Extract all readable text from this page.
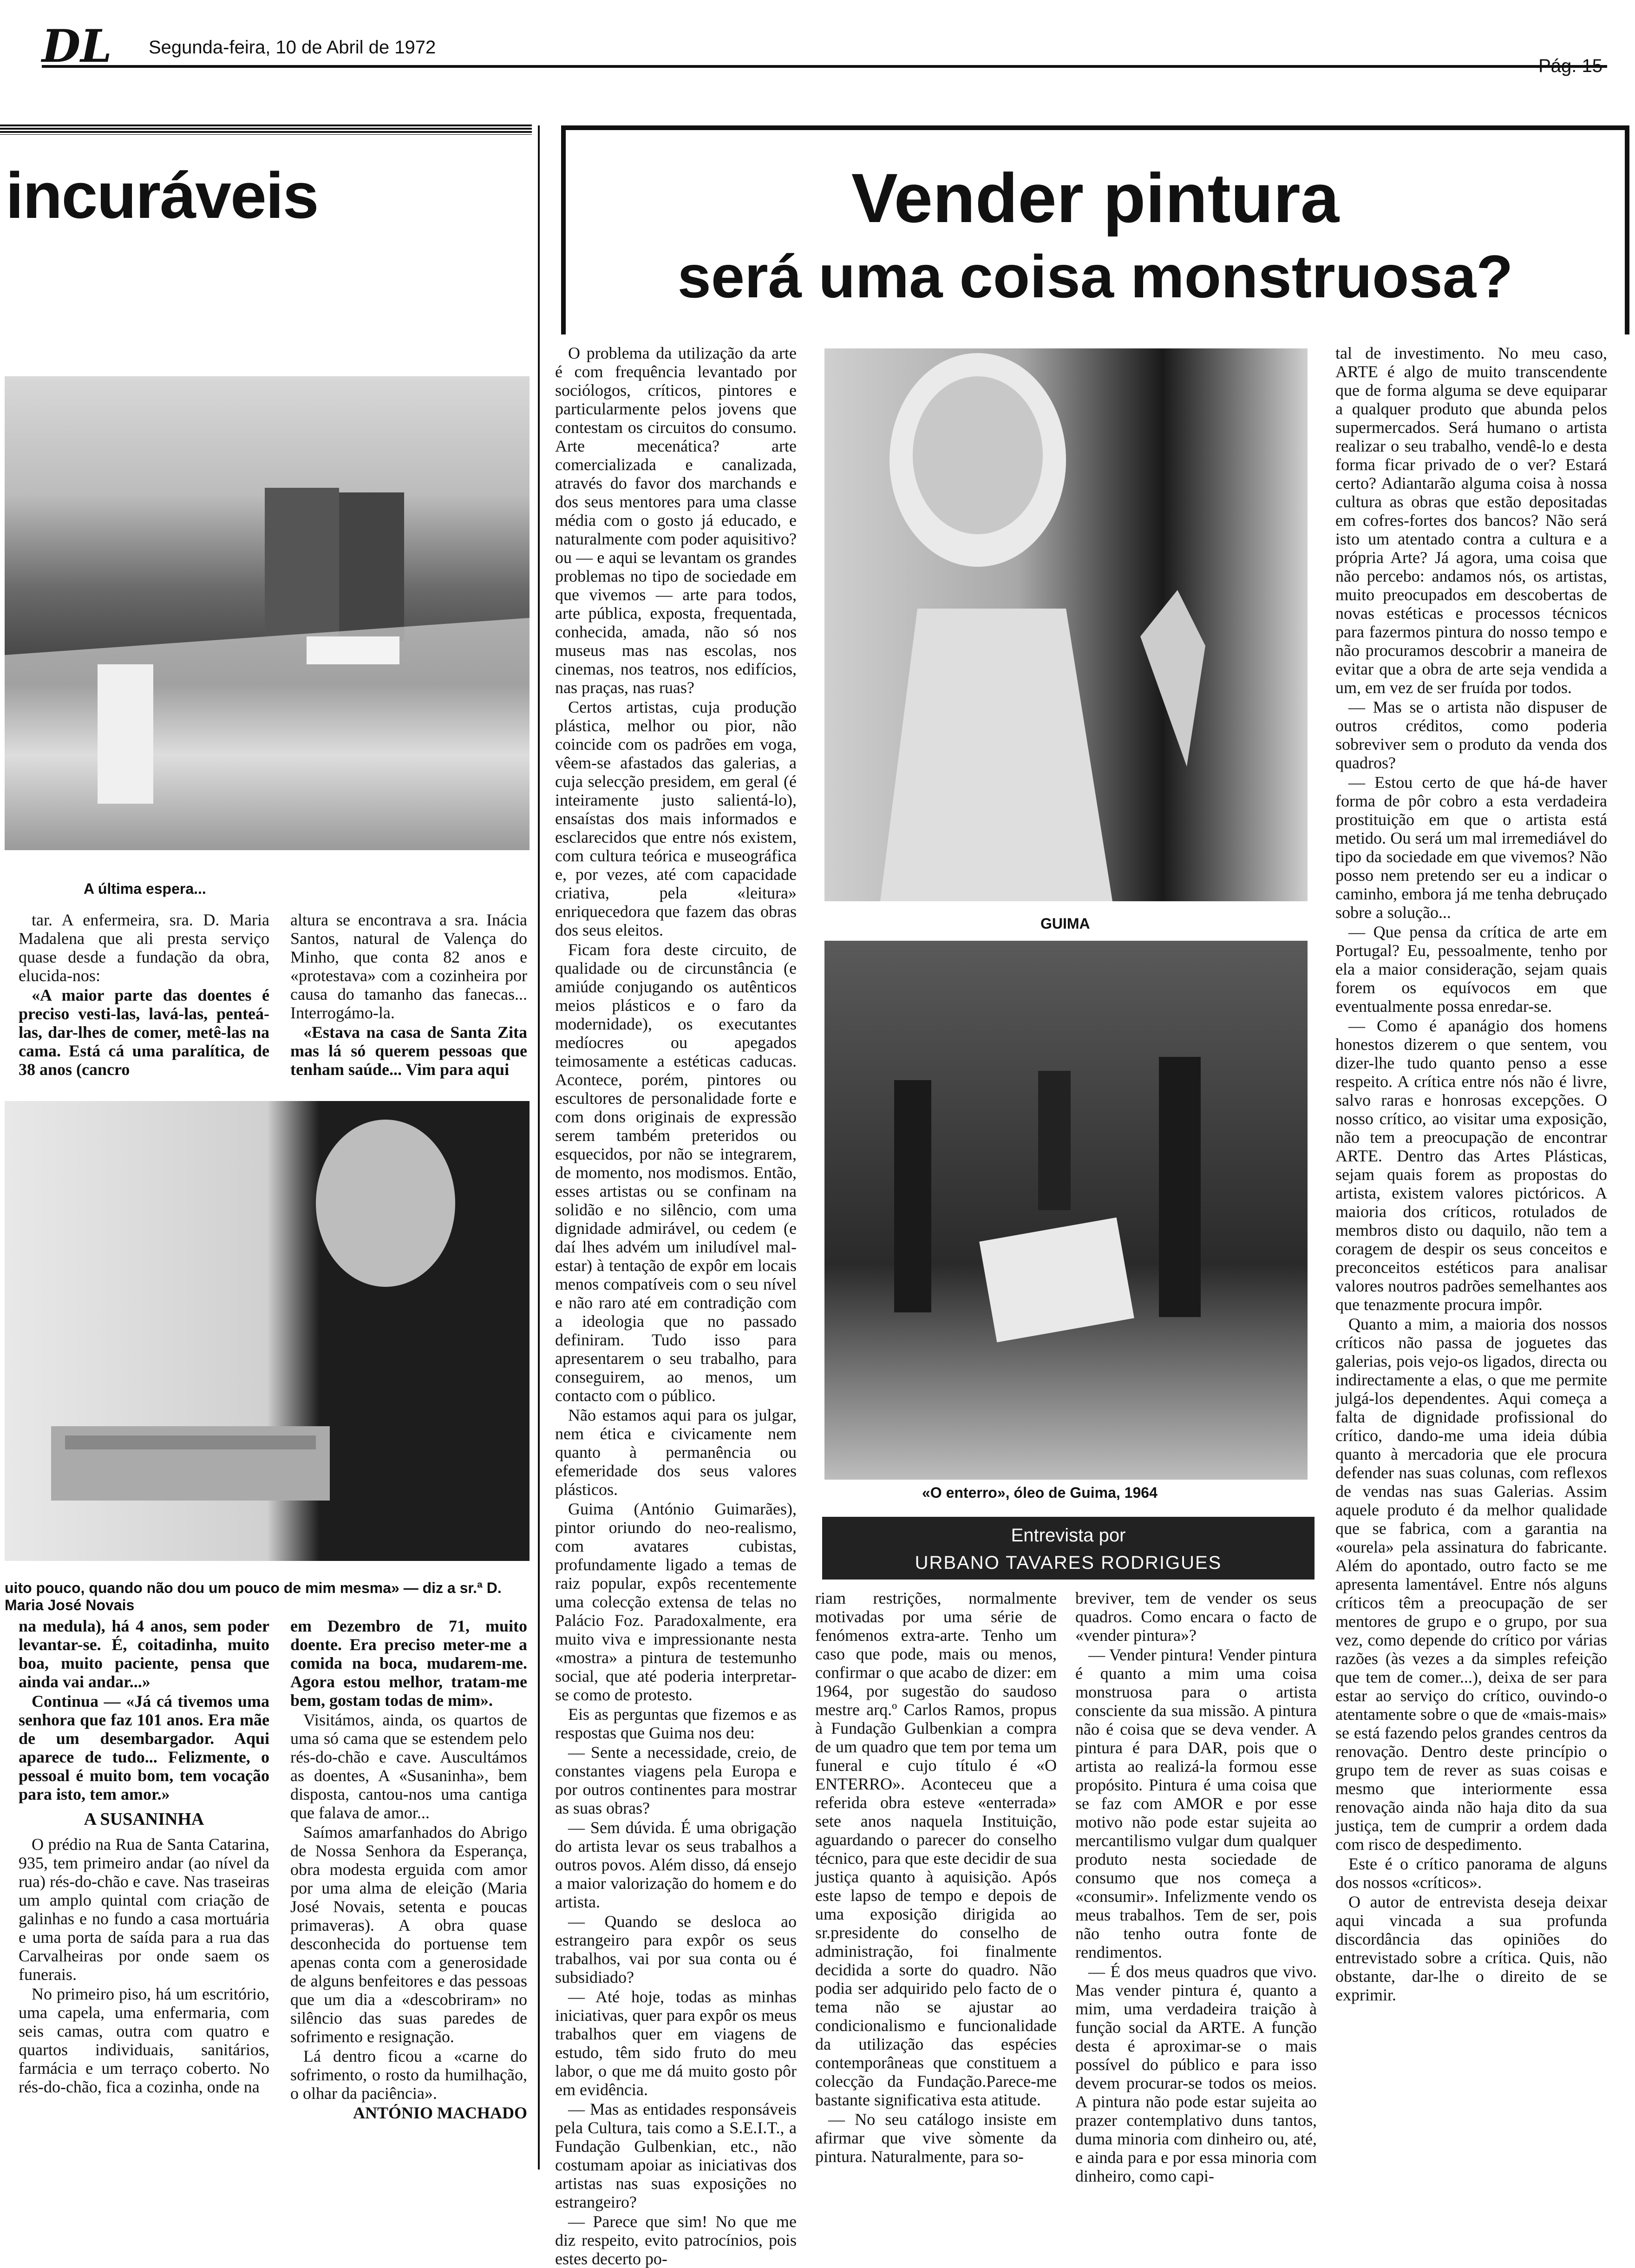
DL Segunda-feira, 10 de Abril de 1972
Pág. 15
incuráveis
A última espera...

tar. A enfermeira, sra. D. Maria Madalena que ali presta serviço quase desde a fundação da obra, elucida-nos:

«A maior parte das doentes é preciso vesti-las, lavá-las, penteá-las, dar-lhes de comer, metê-las na cama. Está cá uma paralítica, de 38 anos (cancro

altura se encontrava a sra. Inácia Santos, natural de Valença do Minho, que conta 82 anos e «protestava» com a cozinheira por causa do tamanho das fanecas... Interrogámo-la.

«Estava na casa de Santa Zita mas lá só querem pessoas que tenham saúde... Vim para aqui

uito pouco, quando não dou um pouco de mim mesma» — diz a sr.ª D. Maria José Novais

na medula), há 4 anos, sem poder levantar-se. É, coitadinha, muito boa, muito paciente, pensa que ainda vai andar...»

Continua — «Já cá tivemos uma senhora que faz 101 anos. Era mãe de um desembargador. Aqui aparece de tudo... Felizmente, o pessoal é muito bom, tem vocação para isto, tem amor.»

A SUSANINHA

O prédio na Rua de Santa Catarina, 935, tem primeiro andar (ao nível da rua) rés-do-chão e cave. Nas traseiras um amplo quintal com criação de galinhas e no fundo a casa mortuária e uma porta de saída para a rua das Carvalheiras por onde saem os funerais.

No primeiro piso, há um escritório, uma capela, uma enfermaria, com seis camas, outra com quatro e quartos individuais, sanitários, farmácia e um terraço coberto. No rés-do-chão, fica a cozinha, onde na

em Dezembro de 71, muito doente. Era preciso meter-me a comida na boca, mudarem-me. Agora estou melhor, tratam-me bem, gostam todas de mim».

Visitámos, ainda, os quartos de uma só cama que se estendem pelo rés-do-chão e cave. Auscultámos as doentes, A «Susaninha», bem disposta, cantou-nos uma cantiga que falava de amor...

Saímos amarfanhados do Abrigo de Nossa Senhora da Esperança, obra modesta erguida com amor por uma alma de eleição (Maria José Novais, setenta e poucas primaveras). A obra quase desconhecida do portuense tem apenas conta com a generosidade de alguns benfeitores e das pessoas que um dia a «descobriram» no silêncio das suas paredes de sofrimento e resignação.

Lá dentro ficou a «carne do sofrimento, o rosto da humilhação, o olhar da paciência».

ANTÓNIO MACHADO
Vender pintura
será uma coisa monstruosa?

O problema da utilização da arte é com frequência levantado por sociólogos, críticos, pintores e particularmente pelos jovens que contestam os circuitos do consumo. Arte mecenática? arte comercializada e canalizada, através do favor dos marchands e dos seus mentores para uma classe média com o gosto já educado, e naturalmente com poder aquisitivo? ou — e aqui se levantam os grandes problemas no tipo de sociedade em que vivemos — arte para todos, arte pública, exposta, frequentada, conhecida, amada, não só nos museus mas nas escolas, nos cinemas, nos teatros, nos edifícios, nas praças, nas ruas?

Certos artistas, cuja produção plástica, melhor ou pior, não coincide com os padrões em voga, vêem-se afastados das galerias, a cuja selecção presidem, em geral (é inteiramente justo salientá-lo), ensaístas dos mais informados e esclarecidos que entre nós existem, com cultura teórica e museográfica e, por vezes, até com capacidade criativa, pela «leitura» enriquecedora que fazem das obras dos seus eleitos.

Ficam fora deste circuito, de qualidade ou de circunstância (e amiúde conjugando os autênticos meios plásticos e o faro da modernidade), os executantes medíocres ou apegados teimosamente a estéticas caducas. Acontece, porém, pintores ou escultores de personalidade forte e com dons originais de expressão serem também preteridos ou esquecidos, por não se integrarem, de momento, nos modismos. Então, esses artistas ou se confinam na solidão e no silêncio, com uma dignidade admirável, ou cedem (e daí lhes advém um iniludível mal-estar) à tentação de expôr em locais menos compatíveis com o seu nível e não raro até em contradição com a ideologia que no passado definiram. Tudo isso para apresentarem o seu trabalho, para conseguirem, ao menos, um contacto com o público.

Não estamos aqui para os julgar, nem ética e civicamente nem quanto à permanência ou efemeridade dos seus valores plásticos.

Guima (António Guimarães), pintor oriundo do neo-realismo, com avatares cubistas, profundamente ligado a temas de raiz popular, expôs recentemente uma colecção extensa de telas no Palácio Foz. Paradoxalmente, era muito viva e impressionante nesta «mostra» a pintura de testemunho social, que até poderia interpretar-se como de protesto.

Eis as perguntas que fizemos e as respostas que Guima nos deu:

— Sente a necessidade, creio, de constantes viagens pela Europa e por outros continentes para mostrar as suas obras?

— Sem dúvida. É uma obrigação do artista levar os seus trabalhos a outros povos. Além disso, dá ensejo a maior valorização do homem e do artista.

— Quando se desloca ao estrangeiro para expôr os seus trabalhos, vai por sua conta ou é subsidiado?

— Até hoje, todas as minhas iniciativas, quer para expôr os meus trabalhos quer em viagens de estudo, têm sido fruto do meu labor, o que me dá muito gosto pôr em evidência.

— Mas as entidades responsáveis pela Cultura, tais como a S.E.I.T., a Fundação Gulbenkian, etc., não costumam apoiar as iniciativas dos artistas nas suas exposições no estrangeiro?

— Parece que sim! No que me diz respeito, evito patrocínios, pois estes decerto po-

GUIMA
«O enterro», óleo de Guima, 1964
Entrevista por
URBANO TAVARES RODRIGUES

riam restrições, normalmente motivadas por uma série de fenómenos extra-arte. Tenho um caso que pode, mais ou menos, confirmar o que acabo de dizer: em 1964, por sugestão do saudoso mestre arq.º Carlos Ramos, propus à Fundação Gulbenkian a compra de um quadro que tem por tema um funeral e cujo título é «O ENTERRO». Aconteceu que a referida obra esteve «enterrada» sete anos naquela Instituição, aguardando o parecer do conselho técnico, para que este decidir de sua justiça quanto à aquisição. Após este lapso de tempo e depois de uma exposição dirigida ao sr.presidente do conselho de administração, foi finalmente decidida a sorte do quadro. Não podia ser adquirido pelo facto de o tema não se ajustar ao condicionalismo e funcionalidade da utilização das espécies contemporâneas que constituem a colecção da Fundação.Parece-me bastante significativa esta atitude.

— No seu catálogo insiste em afirmar que vive sòmente da pintura. Naturalmente, para so-

breviver, tem de vender os seus quadros. Como encara o facto de «vender pintura»?

— Vender pintura! Vender pintura é quanto a mim uma coisa monstruosa para o artista consciente da sua missão. A pintura não é coisa que se deva vender. A pintura é para DAR, pois que o artista ao realizá-la formou esse propósito. Pintura é uma coisa que se faz com AMOR e por esse motivo não pode estar sujeita ao mercantilismo vulgar dum qualquer produto nesta sociedade de consumo que nos começa a «consumir». Infelizmente vendo os meus trabalhos. Tem de ser, pois não tenho outra fonte de rendimentos.

— É dos meus quadros que vivo. Mas vender pintura é, quanto a mim, uma verdadeira traição à função social da ARTE. A função desta é aproximar-se o mais possível do público e para isso devem procurar-se todos os meios. A pintura não pode estar sujeita ao prazer contemplativo duns tantos, duma minoria com dinheiro ou, até, e ainda para e por essa minoria com dinheiro, como capi-

tal de investimento. No meu caso, ARTE é algo de muito transcendente que de forma alguma se deve equiparar a qualquer produto que abunda pelos supermercados. Será humano o artista realizar o seu trabalho, vendê-lo e desta forma ficar privado de o ver? Estará certo? Adiantarão alguma coisa à nossa cultura as obras que estão depositadas em cofres-fortes dos bancos? Não será isto um atentado contra a cultura e a própria Arte? Já agora, uma coisa que não percebo: andamos nós, os artistas, muito preocupados em descobertas de novas estéticas e processos técnicos para fazermos pintura do nosso tempo e não procuramos descobrir a maneira de evitar que a obra de arte seja vendida a um, em vez de ser fruída por todos.

— Mas se o artista não dispuser de outros créditos, como poderia sobreviver sem o produto da venda dos quadros?

— Estou certo de que há-de haver forma de pôr cobro a esta verdadeira prostituição em que o artista está metido. Ou será um mal irremediável do tipo da sociedade em que vivemos? Não posso nem pretendo ser eu a indicar o caminho, embora já me tenha debruçado sobre a solução...

— Que pensa da crítica de arte em Portugal? Eu, pessoalmente, tenho por ela a maior consideração, sejam quais forem os equívocos em que eventualmente possa enredar-se.

— Como é apanágio dos homens honestos dizerem o que sentem, vou dizer-lhe tudo quanto penso a esse respeito. A crítica entre nós não é livre, salvo raras e honrosas excepções. O nosso crítico, ao visitar uma exposição, não tem a preocupação de encontrar ARTE. Dentro das Artes Plásticas, sejam quais forem as propostas do artista, existem valores pictóricos. A maioria dos críticos, rotulados de membros disto ou daquilo, não tem a coragem de despir os seus conceitos e preconceitos estéticos para analisar valores noutros padrões semelhantes aos que tenazmente procura impôr.

Quanto a mim, a maioria dos nossos críticos não passa de joguetes das galerias, pois vejo-os ligados, directa ou indirectamente a elas, o que me permite julgá-los dependentes. Aqui começa a falta de dignidade profissional do crítico, dando-me uma ideia dúbia quanto à mercadoria que ele procura defender nas suas colunas, com reflexos de vendas nas suas Galerias. Assim aquele produto é da melhor qualidade que se fabrica, com a garantia na «ourela» pela assinatura do fabricante. Além do apontado, outro facto se me apresenta lamentável. Entre nós alguns críticos têm a preocupação de ser mentores de grupo e o grupo, por sua vez, como depende do crítico por várias razões (às vezes a da simples refeição que tem de comer...), deixa de ser para estar ao serviço do crítico, ouvindo-o atentamente sobre o que de «mais-mais» se está fazendo pelos grandes centros da renovação. Dentro deste princípio o grupo tem de rever as suas coisas e mesmo que interiormente essa renovação ainda não haja dito da sua justiça, tem de cumprir a ordem dada com risco de despedimento.

Este é o crítico panorama de alguns dos nossos «críticos».

O autor de entrevista deseja deixar aqui vincada a sua profunda discordância das opiniões do entrevistado sobre a crítica. Quis, não obstante, dar-lhe o direito de se exprimir.
